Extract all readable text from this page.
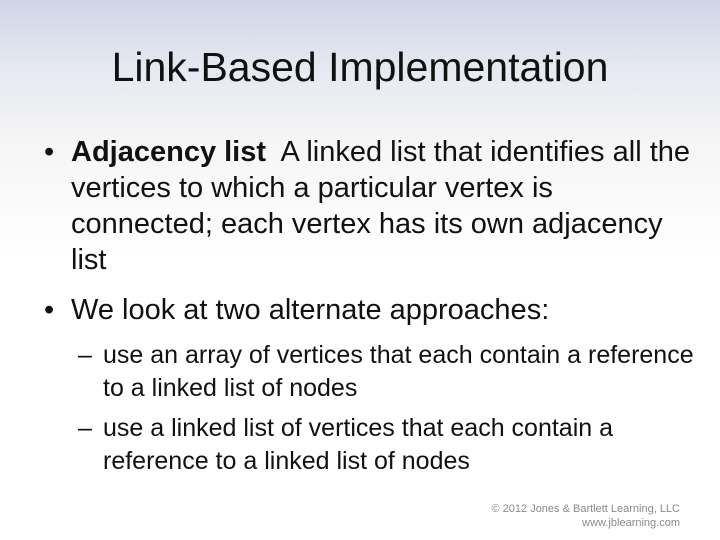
Link-Based Implementation
• Adjacency list A linked list that identifies all the vertices to which a particular vertex is connected; each vertex has its own adjacency list
• We look at two alternate approaches:
– use an array of vertices that each contain a reference to a linked list of nodes
– use a linked list of vertices that each contain a reference to a linked list of nodes
© 2012 Jones & Bartlett Learning, LLC
www.jblearning.com
